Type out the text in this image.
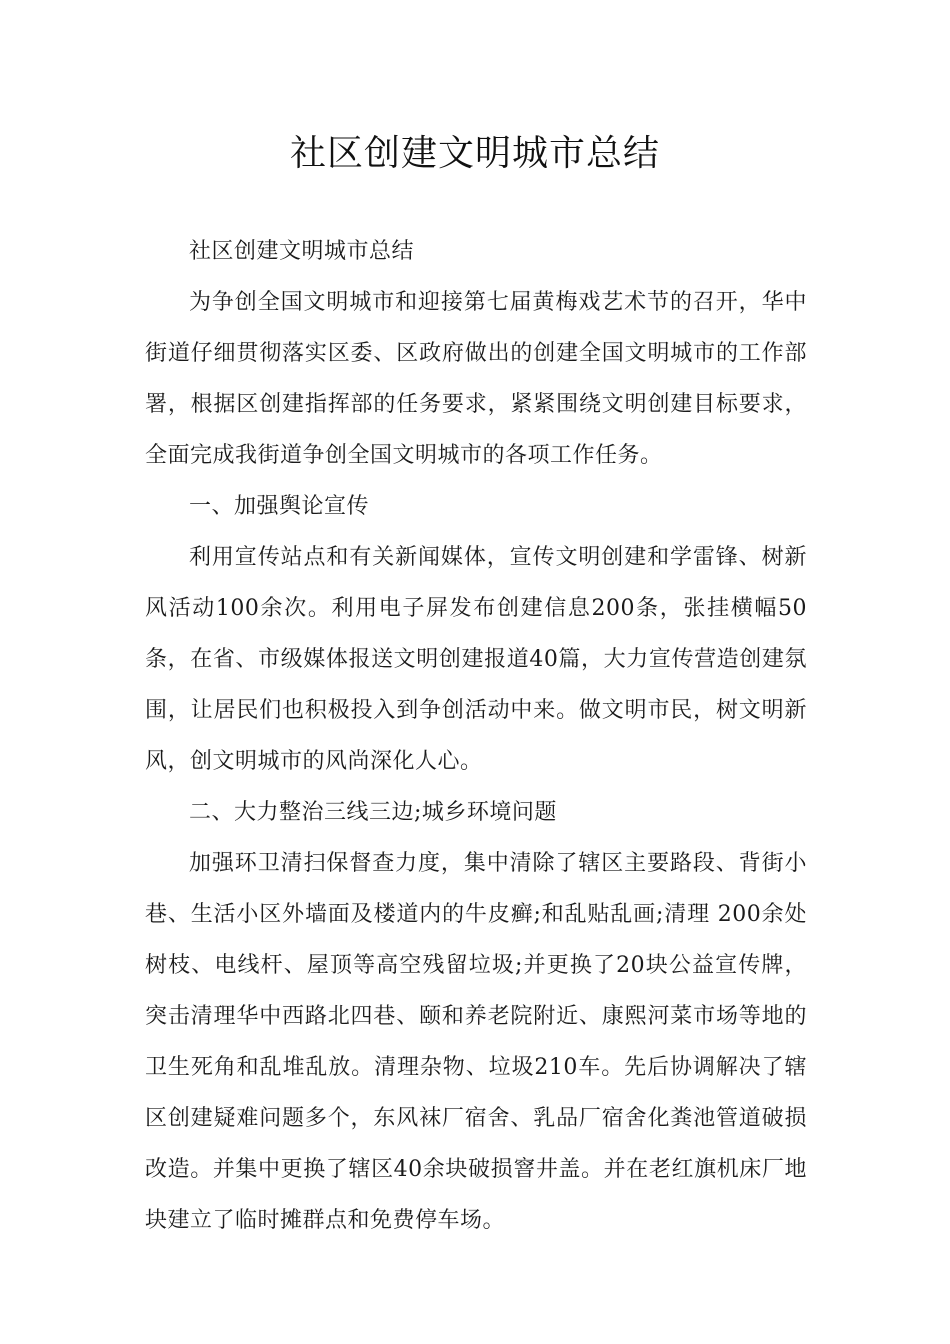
社区创建文明城市总结

社区创建文明城市总结

为争创全国文明城市和迎接第七届黄梅戏艺术节的召开，华中街道仔细贯彻落实区委、区政府做出的创建全国文明城市的工作部署，根据区创建指挥部的任务要求，紧紧围绕文明创建目标要求，全面完成我街道争创全国文明城市的各项工作任务。

一、加强舆论宣传

利用宣传站点和有关新闻媒体，宣传文明创建和学雷锋、树新风活动100余次。利用电子屏发布创建信息200条，张挂横幅50条，在省、市级媒体报送文明创建报道40篇，大力宣传营造创建氛围，让居民们也积极投入到争创活动中来。做文明市民，树文明新风，创文明城市的风尚深化人心。

二、大力整治三线三边;城乡环境问题

加强环卫清扫保督查力度，集中清除了辖区主要路段、背街小巷、生活小区外墙面及楼道内的牛皮癣;和乱贴乱画;清理 200余处树枝、电线杆、屋顶等高空残留垃圾;并更换了20块公益宣传牌，突击清理华中西路北四巷、颐和养老院附近、康熙河菜市场等地的卫生死角和乱堆乱放。清理杂物、垃圾210车。先后协调解决了辖区创建疑难问题多个，东风袜厂宿舍、乳品厂宿舍化粪池管道破损改造。并集中更换了辖区40余块破损窨井盖。并在老红旗机床厂地块建立了临时摊群点和免费停车场。
